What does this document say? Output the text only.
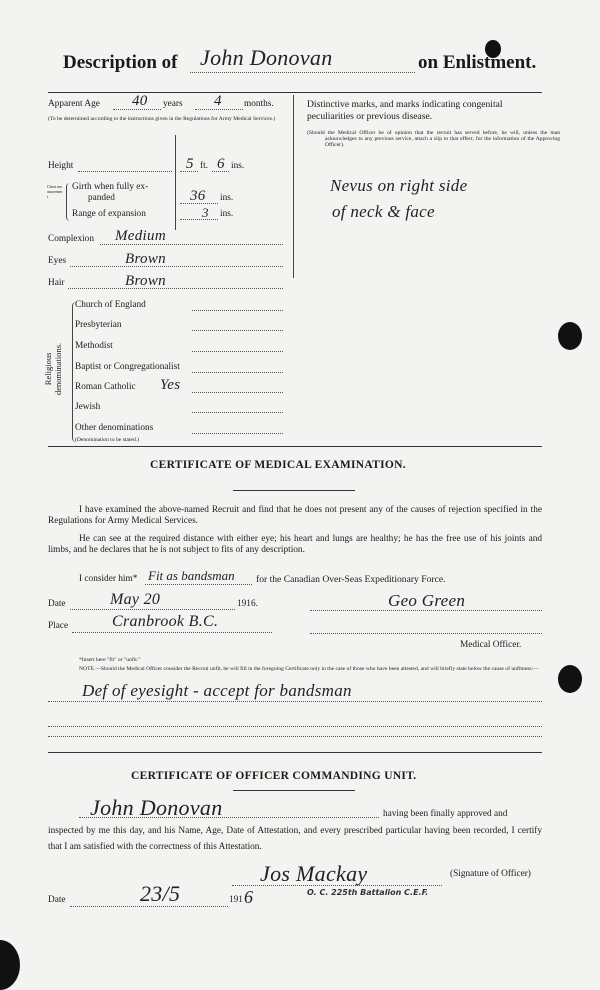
Description of John Donovan	on Enlistment.
Apparent Age 40 years 4 months.
(To be determined according to the instructions given in the Regulations for Army Medical Services.)
Height	5 ft. 6 ins.
Chest measurement
Girth when fully ex-
panded	36 ins.
Range of expansion	3 ins.
Complexion Medium
Eyes	Brown
Hair	Brown
Religious denominations.
Church of England
Presbyterian
Methodist
Baptist or Congregationalist
Roman Catholic Yes
Jewish
Other denominations
(Denomination to be stated.)
Distinctive marks, and marks indicating congenital
peculiarities or previous disease.
(Should the Medical Officer be of opinion that the recruit has served before, he will, unless the man acknowledges to any previous service, attach a slip to that effect, for the information of the Approving Officer).
Nevus on right side
of neck & face
CERTIFICATE OF MEDICAL EXAMINATION.
I have examined the above-named Recruit and find that he does not present any of the causes of rejection specified in the Regulations for Army Medical Services.
He can see at the required distance with either eye; his heart and lungs are healthy; he has the free use of his joints and limbs, and he declares that he is not subject to fits of any description.
I consider him* Fit as bandsman for the Canadian Over-Seas Expeditionary Force.
Date	May 20	1916.	Geo Green
Place	Cranbrook B.C.
Medical Officer.
*Insert here "fit" or "unfit."
NOTE.—Should the Medical Officer consider the Recruit unfit, he will fill in the foregoing Certificate only in the case of those who have been attested, and will briefly state below the cause of unfitness:—
Def of eyesight - accept for bandsman
CERTIFICATE OF OFFICER COMMANDING UNIT.
John Donovan	having been finally approved and
inspected by me this day, and his Name, Age, Date of Attestation, and every prescribed particular having been recorded, I certify that I am satisfied with the correctness of this Attestation.
Jos Mackay	(Signature of Officer)
O. C. 225th Battalion C.E.F.
Date	23/5	191 6
